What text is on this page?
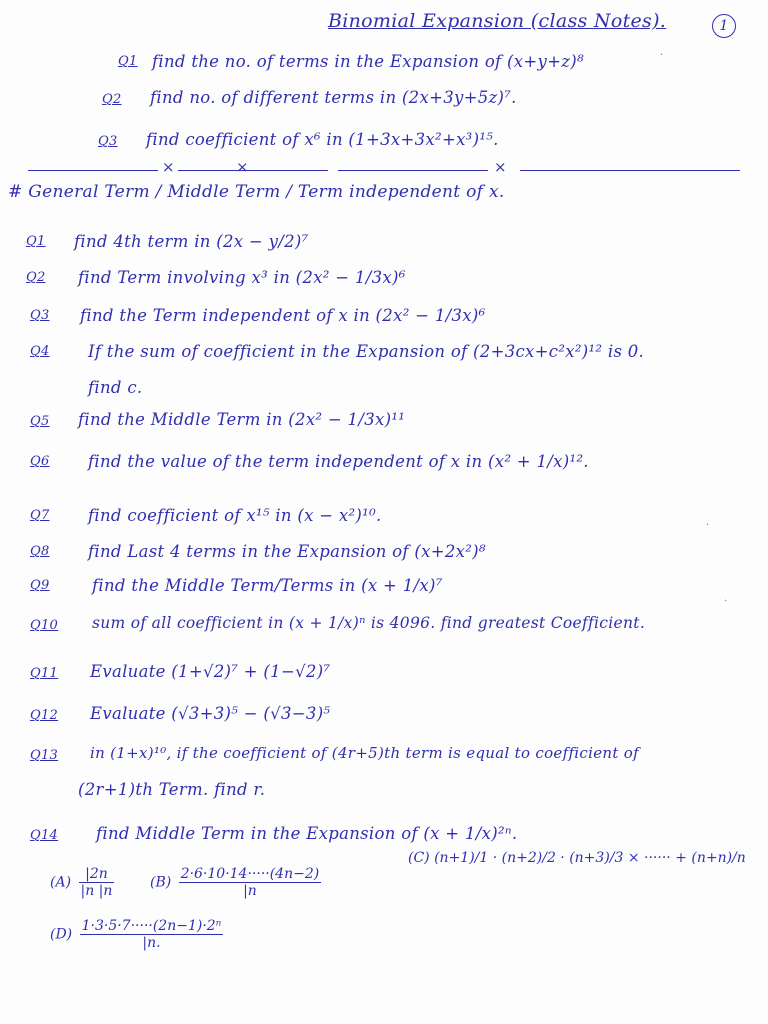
Binomial Expansion (class Notes).	1
Q1 find the no. of terms in the Expansion of (x+y+z)⁸
Q2 find no. of different terms in (2x+3y+5z)⁷.
Q3 find coefficient of x⁶ in (1+3x+3x²+x³)¹⁵.
×	×	×
# General Term / Middle Term / Term independent of x.
Q1 find 4th term in (2x − y/2)⁷
Q2 find Term involving x³ in (2x² − 1/3x)⁶
Q3 find the Term independent of x in (2x² − 1/3x)⁶
Q4 If the sum of coefficient in the Expansion of (2+3cx+c²x²)¹² is 0.
find c.
Q5 find the Middle Term in (2x² − 1/3x)¹¹
Q6 find the value of the term independent of x in (x² + 1/x)¹².
Q7 find coefficient of x¹⁵ in (x − x²)¹⁰.
Q8 find Last 4 terms in the Expansion of (x+2x²)⁸
Q9	find the Middle Term/Terms in (x + 1/x)⁷
Q10 sum of all coefficient in (x + 1/x)ⁿ is 4096. find greatest Coefficient.
Q11 Evaluate (1+√2)⁷ + (1−√2)⁷
Q12 Evaluate (√3+3)⁵ − (√3−3)⁵
Q13 in (1+x)¹⁰, if the coefficient of (4r+5)th term is equal to coefficient of
(2r+1)th Term. find r.
Q14 find Middle Term in the Expansion of (x + 1/x)²ⁿ.
$(A) \frac{|2n}{|n |n}$	$(B) \frac{2\cdot 6\cdot 10\cdot 14\cdot\cdot\cdot\cdot\cdot(4n-2)}{|n}$
(C) (n+1)/1 · (n+2)/2 · (n+3)/3 × ······ + (n+n)/n
$(D) \frac{\text{1·3·5·7·····(2n−1)·2ⁿ}}{|n.}$
·
·
·
